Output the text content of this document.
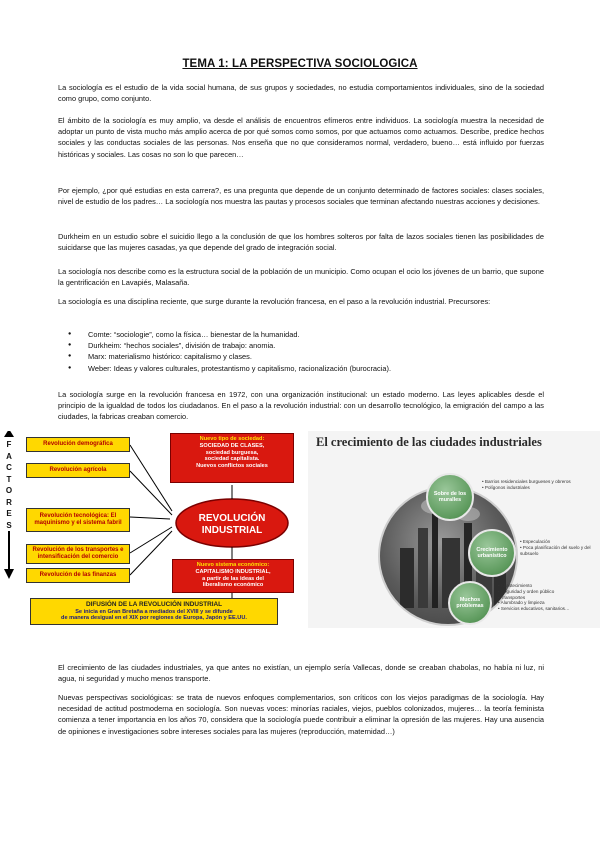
TEMA 1: LA PERSPECTIVA SOCIOLOGICA

La sociología es el estudio de la vida social humana, de sus grupos y sociedades, no estudia comportamientos individuales, sino de la sociedad como grupo, como conjunto.

El ámbito de la sociología es muy amplio, va desde el análisis de encuentros efímeros entre individuos. La sociología muestra la necesidad de adoptar un punto de vista mucho más amplio acerca de por qué somos como somos, por que actuamos como actuamos. Describe, predice hechos sociales y las conductas sociales de las personas. Nos enseña que no que consideramos normal, verdadero, bueno… está influido por fuerzas históricas y sociales. Las cosas no son lo que parecen…

Por ejemplo, ¿por qué estudias en esta carrera?, es una pregunta que depende de un conjunto determinado de factores sociales: clases sociales, nivel de estudio de los padres… La sociología nos muestra las pautas y procesos sociales que terminan afectando nuestras acciones y decisiones.

Durkheim en un estudio sobre el suicidio llego a la conclusión de que los hombres solteros por falta de lazos sociales tienen las posibilidades de suicidarse que las mujeres casadas, ya que depende del grado de integración social.

La sociología nos describe como es la estructura social de la población de un municipio. Como ocupan el ocio los jóvenes de un barrio, que supone la gentrificación en Lavapiés, Malasaña.

La sociología es una disciplina reciente, que surge durante la revolución francesa, en el paso a la revolución industrial. Precursores:

● Comte: “sociologie”, como la física… bienestar de la humanidad.
● Durkheim: “hechos sociales”, división de trabajo: anomia.
● Marx: materialismo histórico: capitalismo y clases.
● Weber: Ideas y valores culturales, protestantismo y capitalismo, racionalización (burocracia).

La sociología surge en la revolución francesa en 1972, con una organización institucional: un estado moderno. Las leyes aplicables desde el principio de la igualdad de todos los ciudadanos. En el paso a la revolución industrial: con un desarrollo tecnológico, la emigración del campo a las ciudades, la fabricas creaban comercio.

F
A
C
T
O
R
E
S
REVOLUCIÓN
INDUSTRIAL
Revolución demográfica
Revolución agrícola
Revolución tecnológica: El maquinismo y el sistema fabril
Revolución de los transportes e intensificación del comercio
Revolución de las finanzas
Nuevo tipo de sociedad:
SOCIEDAD DE CLASES,
sociedad burguesa,
sociedad capitalista.
Nuevos conflictos sociales
Nuevo sistema económico:
CAPITALISMO INDUSTRIAL,
a partir de las ideas del
liberalismo económico
DIFUSIÓN DE LA REVOLUCIÓN INDUSTRIAL
Se inicia en Gran Bretaña a mediados del XVIII y se difunde
de manera desigual en el XIX por regiones de Europa, Japón y EE.UU.
El crecimiento de las ciudades industriales
Sobre de los muralles
Crecimiento urbanístico
Muchos problemas
• Barrios residenciales burgueses y obreros
• Polígonos industriales
• Especulación
• Poca planificación del suelo y del subsuelo
• Abastecimiento
• Seguridad y orden público
• Transportes
• Alumbrado y limpieza
• Servicios educativos, sanitarios…

El crecimiento de las ciudades industriales, ya que antes no existían, un ejemplo sería Vallecas, donde se creaban chabolas, no había ni luz, ni agua, ni seguridad y mucho menos transporte.

Nuevas perspectivas sociológicas: se trata de nuevos enfoques complementarios, son críticos con los viejos paradigmas de la sociología. Hay necesidad de actitud postmoderna en sociología. Son nuevas voces: minorías raciales, viejos, pueblos colonizados, mujeres… la teoría feminista comienza a tener importancia en los años 70, considera que la sociología puede contribuir a eliminar la opresión de las mujeres. Hay una ausencia de opiniones e investigaciones sobre intereses sociales para las mujeres (reproducción, maternidad…)
